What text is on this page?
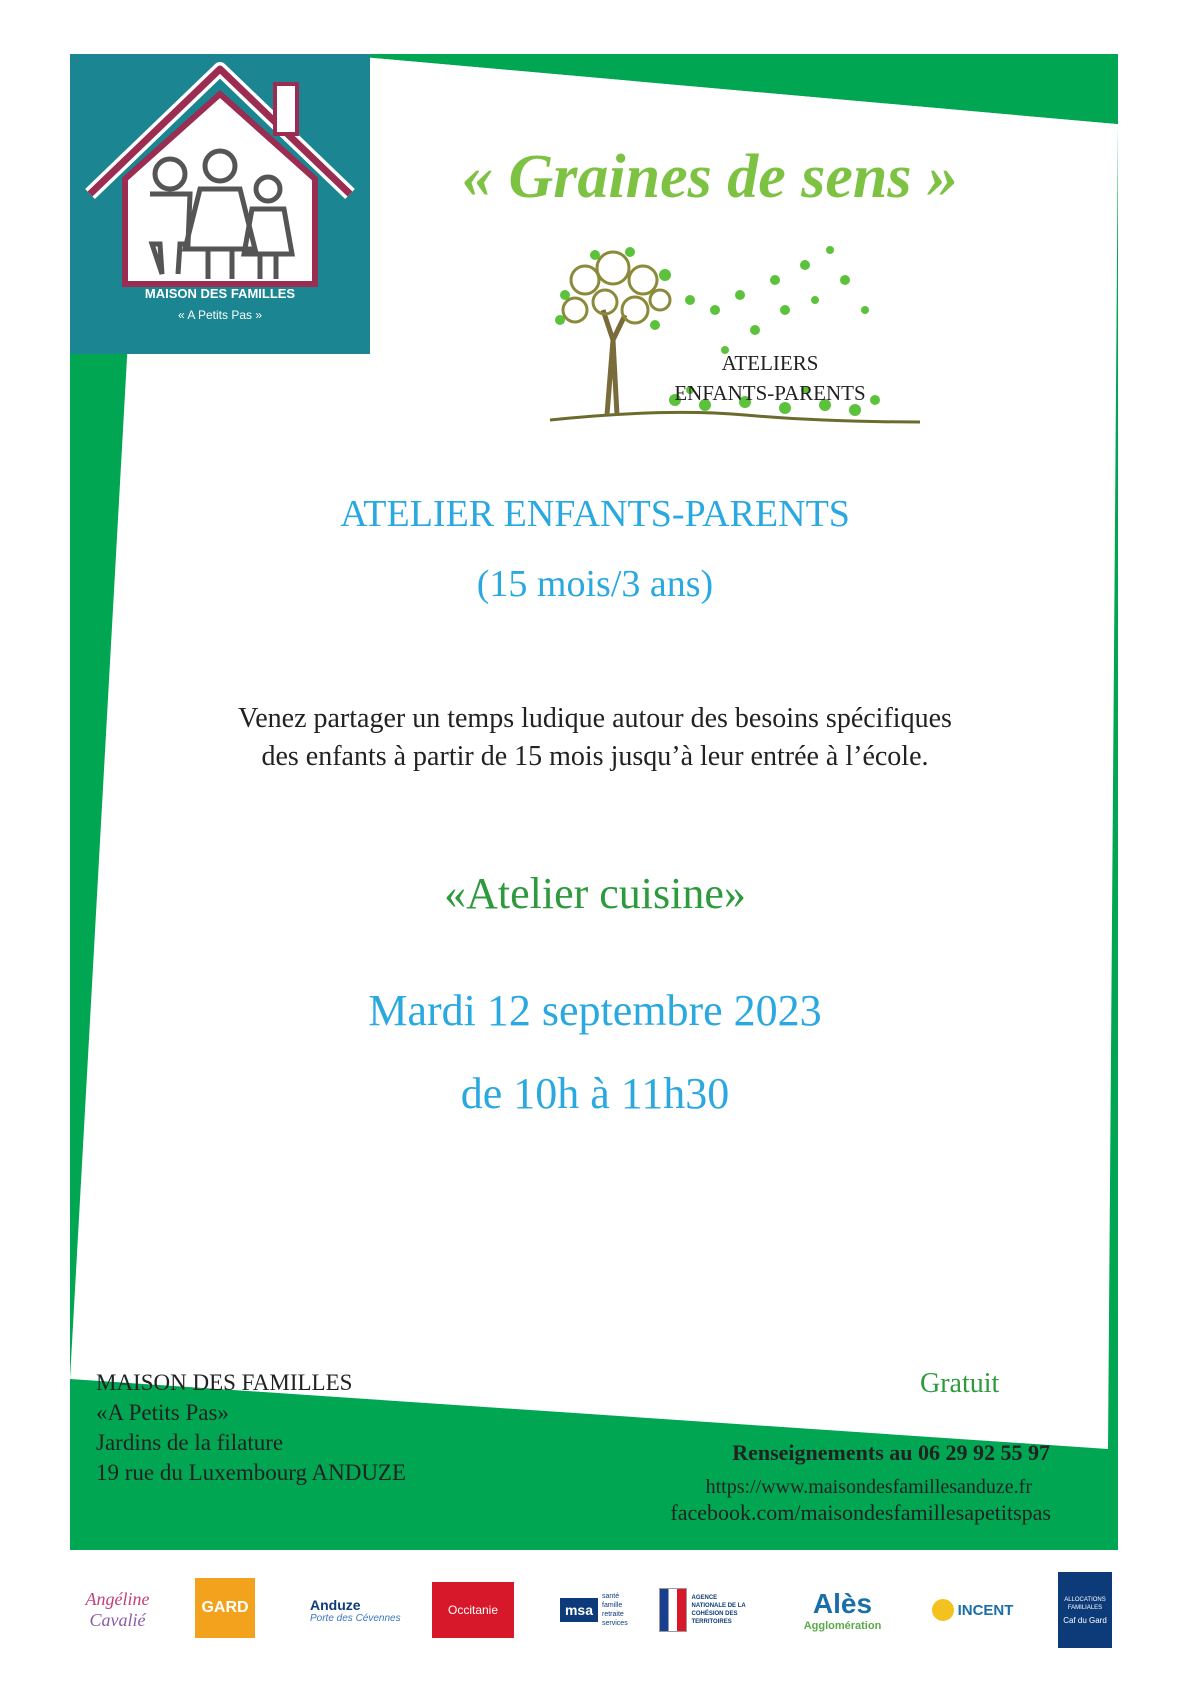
MAISON DES FAMILLES
« A Petits Pas »
« Graines de sens »
ATELIERS
ENFANTS-PARENTS
ATELIER ENFANTS-PARENTS
(15 mois/3 ans)
Venez partager un temps ludique autour des besoins spécifiques
des enfants à partir de 15 mois jusqu’à leur entrée à l’école.
«Atelier cuisine»
Mardi 12 septembre 2023
de 10h à 11h30
MAISON DES FAMILLES
«A Petits Pas»
Jardins de la filature
19 rue du Luxembourg ANDUZE
Gratuit
Renseignements au 06 29 92 55 97
https://www.maisondesfamillesanduze.fr
facebook.com/maisondesfamillesapetitspas
Angéline
Cavalié
GARD	Anduze
Porte des Cévennes
Occitanie	msa
santé famille retraite services
AGENCE NATIONALE DE LA COHÉSION DES TERRITOIRES
Alès
Agglomération
INCENT
ALLOCATIONS FAMILIALES
Caf du Gard
